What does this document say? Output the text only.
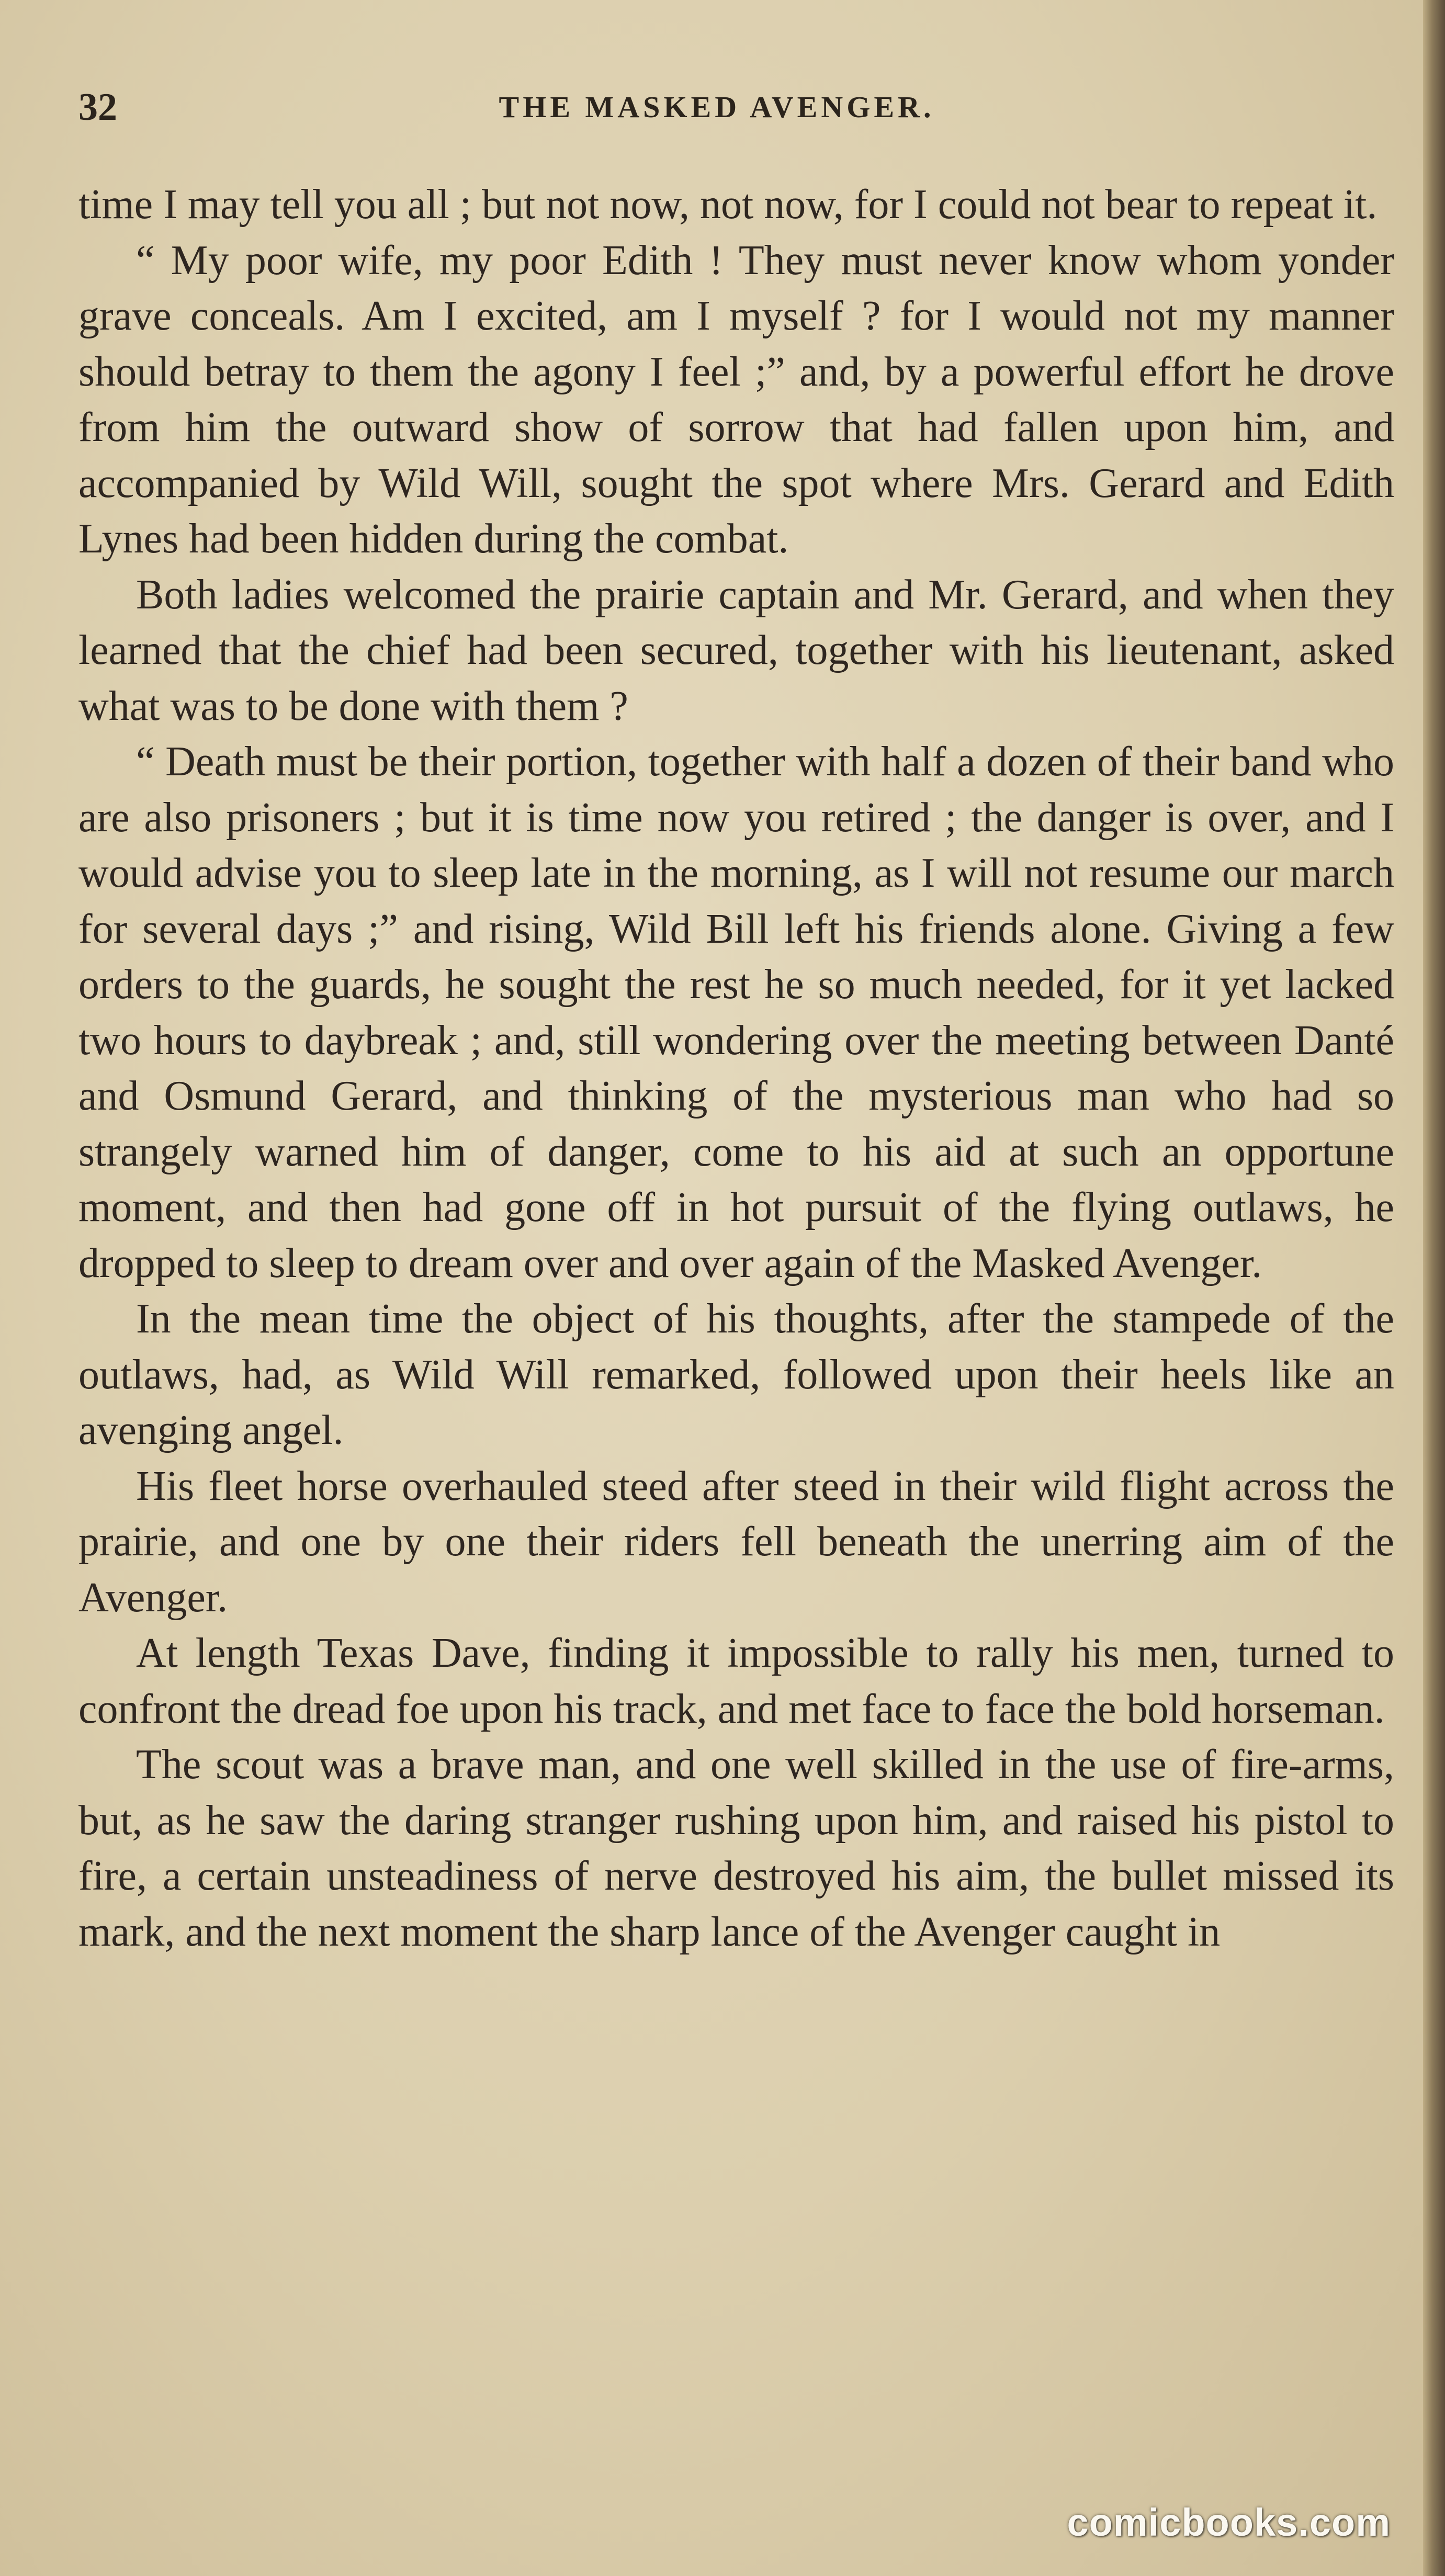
32	THE MASKED AVENGER.

time I may tell you all ; but not now, not now, for I could not bear to repeat it.

“ My poor wife, my poor Edith ! They must never know whom yonder grave conceals. Am I excited, am I myself ? for I would not my manner should betray to them the agony I feel ;” and, by a powerful effort he drove from him the outward show of sorrow that had fallen upon him, and accompanied by Wild Will, sought the spot where Mrs. Gerard and Edith Lynes had been hidden during the combat.

Both ladies welcomed the prairie captain and Mr. Gerard, and when they learned that the chief had been secured, together with his lieutenant, asked what was to be done with them ?

“ Death must be their portion, together with half a dozen of their band who are also prisoners ; but it is time now you retired ; the danger is over, and I would advise you to sleep late in the morning, as I will not resume our march for several days ;” and rising, Wild Bill left his friends alone. Giving a few orders to the guards, he sought the rest he so much needed, for it yet lacked two hours to daybreak ; and, still wondering over the meeting between Danté and Osmund Gerard, and thinking of the mysterious man who had so strangely warned him of danger, come to his aid at such an opportune moment, and then had gone off in hot pursuit of the flying outlaws, he dropped to sleep to dream over and over again of the Masked Avenger.

In the mean time the object of his thoughts, after the stampede of the outlaws, had, as Wild Will remarked, followed upon their heels like an avenging angel.

His fleet horse overhauled steed after steed in their wild flight across the prairie, and one by one their riders fell beneath the unerring aim of the Avenger.

At length Texas Dave, finding it impossible to rally his men, turned to confront the dread foe upon his track, and met face to face the bold horseman.

The scout was a brave man, and one well skilled in the use of fire-arms, but, as he saw the daring stranger rushing upon him, and raised his pistol to fire, a certain unsteadiness of nerve destroyed his aim, the bullet missed its mark, and the next moment the sharp lance of the Avenger caught in

comicbooks.com
